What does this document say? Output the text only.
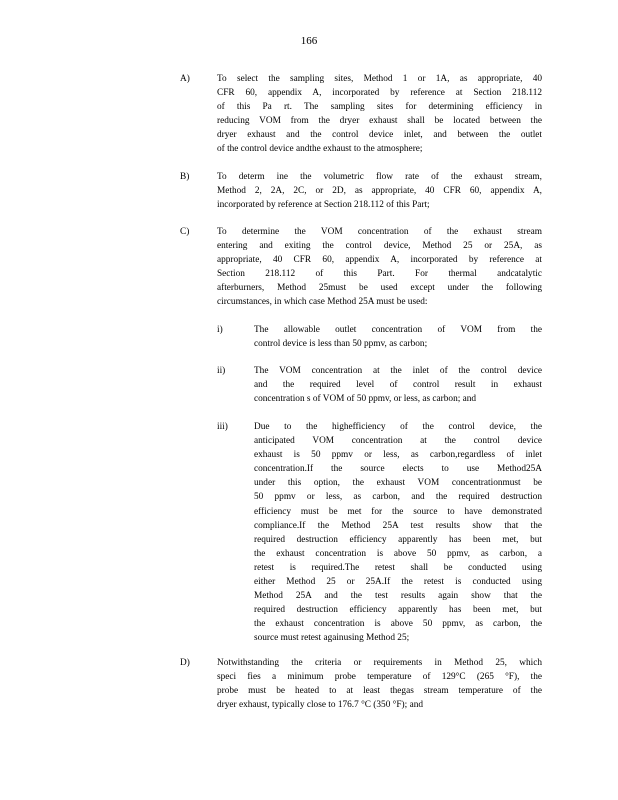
166
A)	To select the sampling sites, Method 1 or 1A, as appropriate, 40
CFR 60, appendix A, incorporated by reference at Section 218.112
of this Pa rt. The sampling sites for determining efficiency in
reducing VOM from the dryer exhaust shall be located between the
dryer exhaust and the control device inlet, and between the outlet
of the control device andthe exhaust to the atmosphere;
B)	To determ ine the volumetric flow rate of the exhaust stream,
Method 2, 2A, 2C, or 2D, as appropriate, 40 CFR 60, appendix A,
incorporated by reference at Section 218.112 of this Part;
C)	To determine the VOM concentration of the exhaust stream
entering and exiting the control device, Method 25 or 25A, as
appropriate, 40 CFR 60, appendix A, incorporated by reference at
Section 218.112 of this Part. For thermal andcatalytic
afterburners, Method 25must be used except under the following
circumstances, in which case Method 25A must be used:
i)	The allowable outlet concentration of VOM from the
control device is less than 50 ppmv, as carbon;
ii)	The VOM concentration at the inlet of the control device
and the required level of control result in exhaust
concentration s of VOM of 50 ppmv, or less, as carbon; and
iii)	Due to the highefficiency of the control device, the
anticipated VOM concentration at the control device
exhaust is 50 ppmv or less, as carbon,regardless of inlet
concentration.If the source elects to use Method25A
under this option, the exhaust VOM concentrationmust be
50 ppmv or less, as carbon, and the required destruction
efficiency must be met for the source to have demonstrated
compliance.If the Method 25A test results show that the
required destruction efficiency apparently has been met, but
the exhaust concentration is above 50 ppmv, as carbon, a
retest is required.The retest shall be conducted using
either Method 25 or 25A.If the retest is conducted using
Method 25A and the test results again show that the
required destruction efficiency apparently has been met, but
the exhaust concentration is above 50 ppmv, as carbon, the
source must retest againusing Method 25;
D)	Notwithstanding the criteria or requirements in Method 25, which
speci fies a minimum probe temperature of 129°C (265 °F), the
probe must be heated to at least thegas stream temperature of the
dryer exhaust, typically close to 176.7 °C (350 °F); and
